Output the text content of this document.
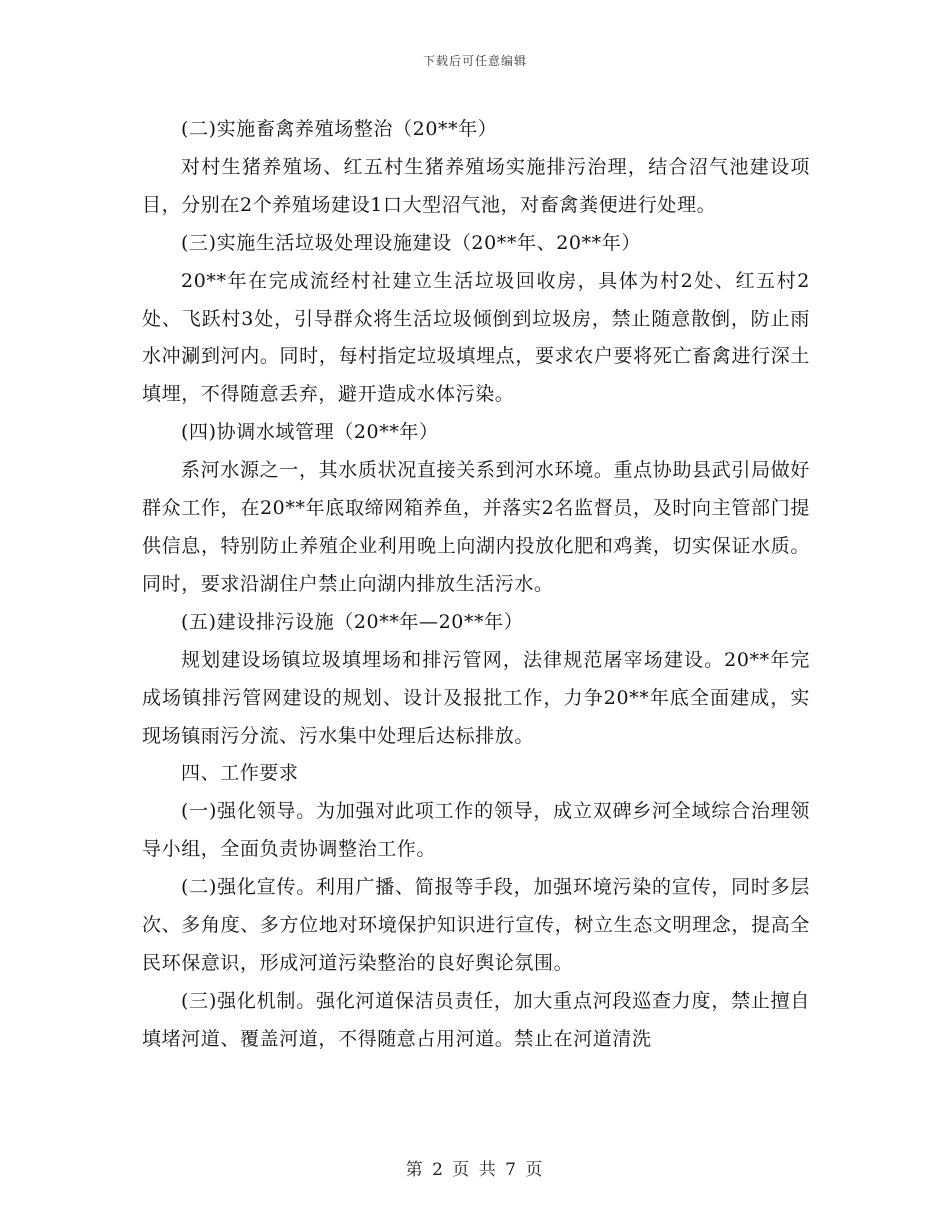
下载后可任意编辑

(二)实施畜禽养殖场整治（20**年）

对村生猪养殖场、红五村生猪养殖场实施排污治理，结合沼气池建设项目，分别在2个养殖场建设1口大型沼气池，对畜禽粪便进行处理。

(三)实施生活垃圾处理设施建设（20**年、20**年）

20**年在完成流经村社建立生活垃圾回收房，具体为村2处、红五村2处、飞跃村3处，引导群众将生活垃圾倾倒到垃圾房，禁止随意散倒，防止雨水冲涮到河内。同时，每村指定垃圾填埋点，要求农户要将死亡畜禽进行深土填埋，不得随意丢弃，避开造成水体污染。

(四)协调水域管理（20**年）

系河水源之一，其水质状况直接关系到河水环境。重点协助县武引局做好群众工作，在20**年底取缔网箱养鱼，并落实2名监督员，及时向主管部门提供信息，特别防止养殖企业利用晚上向湖内投放化肥和鸡粪，切实保证水质。同时，要求沿湖住户禁止向湖内排放生活污水。

(五)建设排污设施（20**年—20**年）

规划建设场镇垃圾填埋场和排污管网，法律规范屠宰场建设。20**年完成场镇排污管网建设的规划、设计及报批工作，力争20**年底全面建成，实现场镇雨污分流、污水集中处理后达标排放。

四、工作要求

(一)强化领导。为加强对此项工作的领导，成立双碑乡河全域综合治理领导小组，全面负责协调整治工作。

(二)强化宣传。利用广播、简报等手段，加强环境污染的宣传，同时多层次、多角度、多方位地对环境保护知识进行宣传，树立生态文明理念，提高全民环保意识，形成河道污染整治的良好舆论氛围。

(三)强化机制。强化河道保洁员责任，加大重点河段巡查力度，禁止擅自填堵河道、覆盖河道，不得随意占用河道。禁止在河道清洗

第 2 页 共 7 页
